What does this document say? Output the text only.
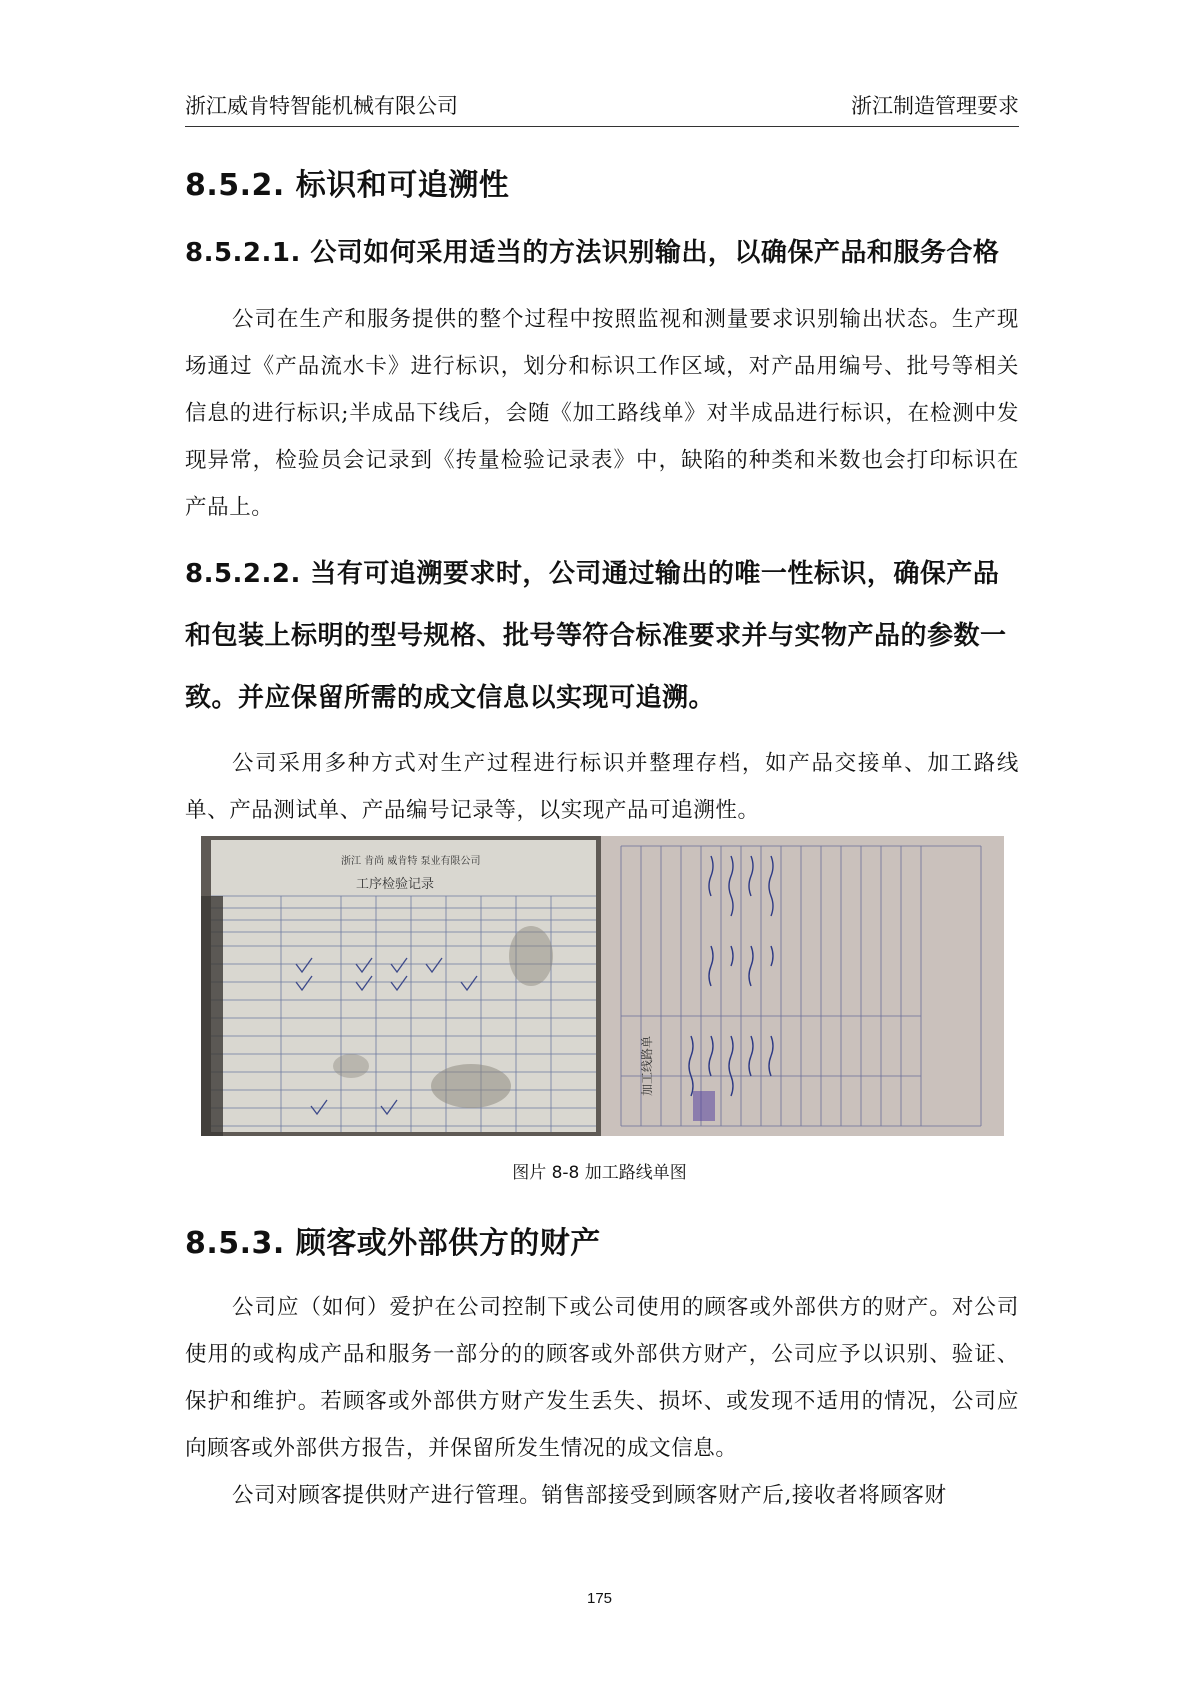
浙江威肯特智能机械有限公司	浙江制造管理要求
8.5.2. 标识和可追溯性
8.5.2.1. 公司如何采用适当的方法识别输出，以确保产品和服务合格
公司在生产和服务提供的整个过程中按照监视和测量要求识别输出状态。生产现场通过《产品流水卡》进行标识，划分和标识工作区域，对产品用编号、批号等相关信息的进行标识;半成品下线后，会随《加工路线单》对半成品进行标识，在检测中发现异常，检验员会记录到《抟量检验记录表》中，缺陷的种类和米数也会打印标识在产品上。
8.5.2.2. 当有可追溯要求时，公司通过输出的唯一性标识，确保产品和包装上标明的型号规格、批号等符合标准要求并与实物产品的参数一致。并应保留所需的成文信息以实现可追溯。
公司采用多种方式对生产过程进行标识并整理存档，如产品交接单、加工路线单、产品测试单、产品编号记录等，以实现产品可追溯性。
浙江 肯尚 威肯特 泵业有限公司
工序检验记录
加工线路单
图片 8-8 加工路线单图
8.5.3. 顾客或外部供方的财产
公司应（如何）爱护在公司控制下或公司使用的顾客或外部供方的财产。对公司使用的或构成产品和服务一部分的的顾客或外部供方财产，公司应予以识别、验证、保护和维护。若顾客或外部供方财产发生丢失、损坏、或发现不适用的情况，公司应向顾客或外部供方报告，并保留所发生情况的成文信息。
公司对顾客提供财产进行管理。销售部接受到顾客财产后,接收者将顾客财
175
